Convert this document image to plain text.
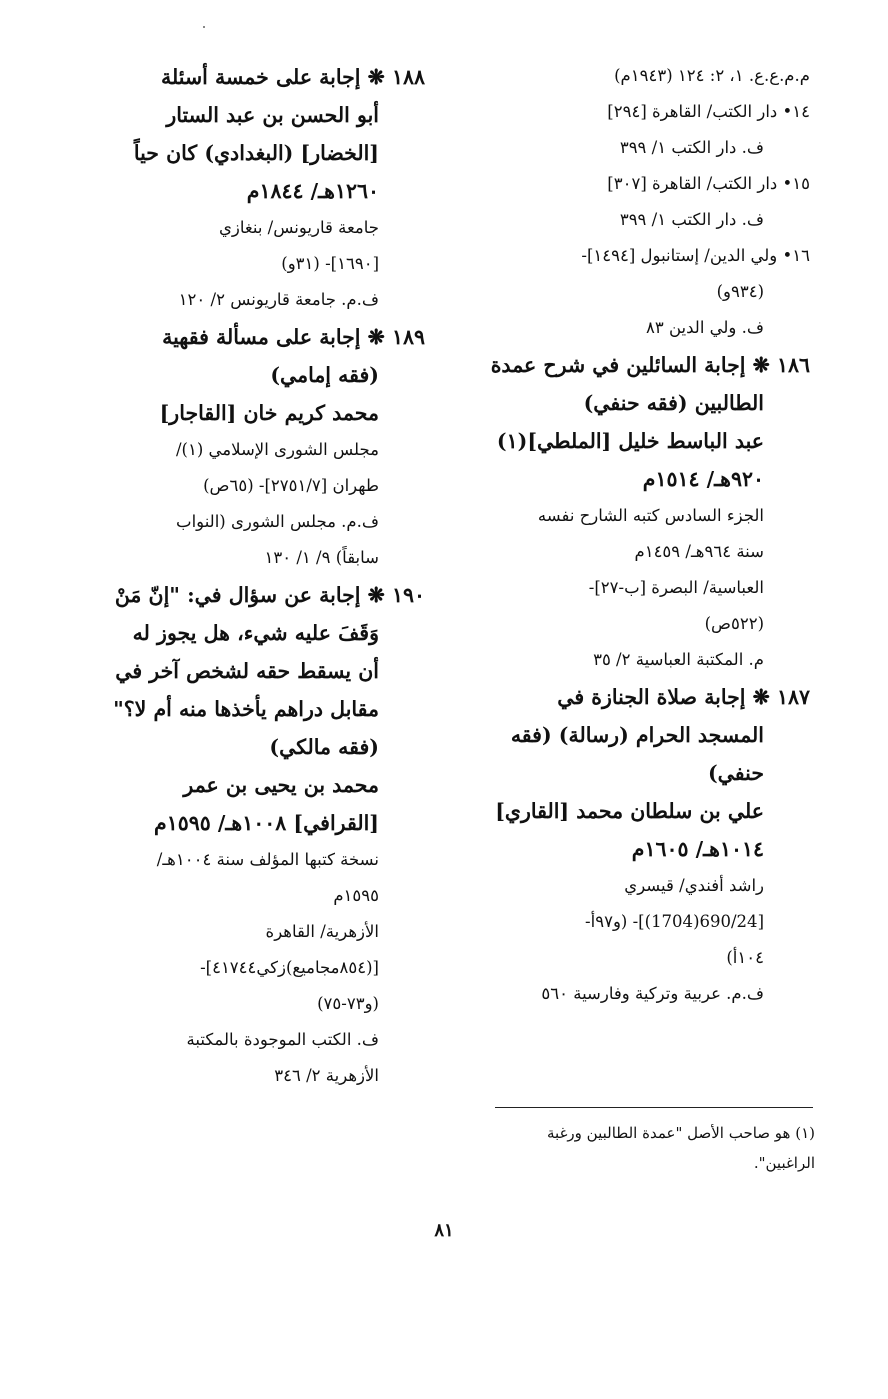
م.م.ع.ع. ١، ٢: ١٢٤ (١٩٤٣م)
١٤• دار الكتب/ القاهرة [٢٩٤]
ف. دار الكتب ١/ ٣٩٩
١٥• دار الكتب/ القاهرة [٣٠٧]
ف. دار الكتب ١/ ٣٩٩
١٦• ولي الدين/ إستانبول [١٤٩٤]-
(٩٣٤و)
ف. ولي الدين ٨٣
١٨٦ ❋ إجابة السائلين في شرح عمدة
الطالبين (فقه حنفي)
عبد الباسط خليل [الملطي](١)
٩٢٠هـ/ ١٥١٤م
الجزء السادس كتبه الشارح نفسه
سنة ٩٦٤هـ/ ١٤٥٩م
العباسية/ البصرة [ب-٢٧]-
(٥٢٢ص)
م. المكتبة العباسية ٢/ ٣٥
١٨٧ ❋ إجابة صلاة الجنازة في
المسجد الحرام (رسالة) (فقه
حنفي)
علي بن سلطان محمد [القاري]
١٠١٤هـ/ ١٦٠٥م
راشد أفندي/ قيسري
[690/24(1704)]- (و٩٧أ-
١٠٤أ)
ف.م. عربية وتركية وفارسية ٥٦٠
١٨٨ ❋ إجابة على خمسة أسئلة
أبو الحسن بن عبد الستار
[الخضار] (البغدادي) كان حياً
١٢٦٠هـ/ ١٨٤٤م
جامعة قاريونس/ بنغازي
[١٦٩٠]- (٣١و)
ف.م. جامعة قاريونس ٢/ ١٢٠
١٨٩ ❋ إجابة على مسألة فقهية
(فقه إمامي)
محمد كريم خان [القاجار]
مجلس الشورى الإسلامي (١)/
طهران [٢٧٥١/٧]- (٦٥ص)
ف.م. مجلس الشورى (النواب
سابقاً) ٩/ ١/ ١٣٠
١٩٠ ❋ إجابة عن سؤال في: "إنّ مَنْ
وَقَفَ عليه شيء، هل يجوز له
أن يسقط حقه لشخص آخر في
مقابل دراهم يأخذها منه أم لا؟"
(فقه مالكي)
محمد بن يحيى بن عمر
[القرافي] ١٠٠٨هـ/ ١٥٩٥م
نسخة كتبها المؤلف سنة ١٠٠٤هـ/
١٥٩٥م
الأزهرية/ القاهرة
[(٨٥٤مجاميع)زكي٤١٧٤٤]-
(و٧٣-٧٥)
ف. الكتب الموجودة بالمكتبة
الأزهرية ٢/ ٣٤٦
(١) هو صاحب الأصل "عمدة الطالبين ورغبة
الراغبين".
٨١
